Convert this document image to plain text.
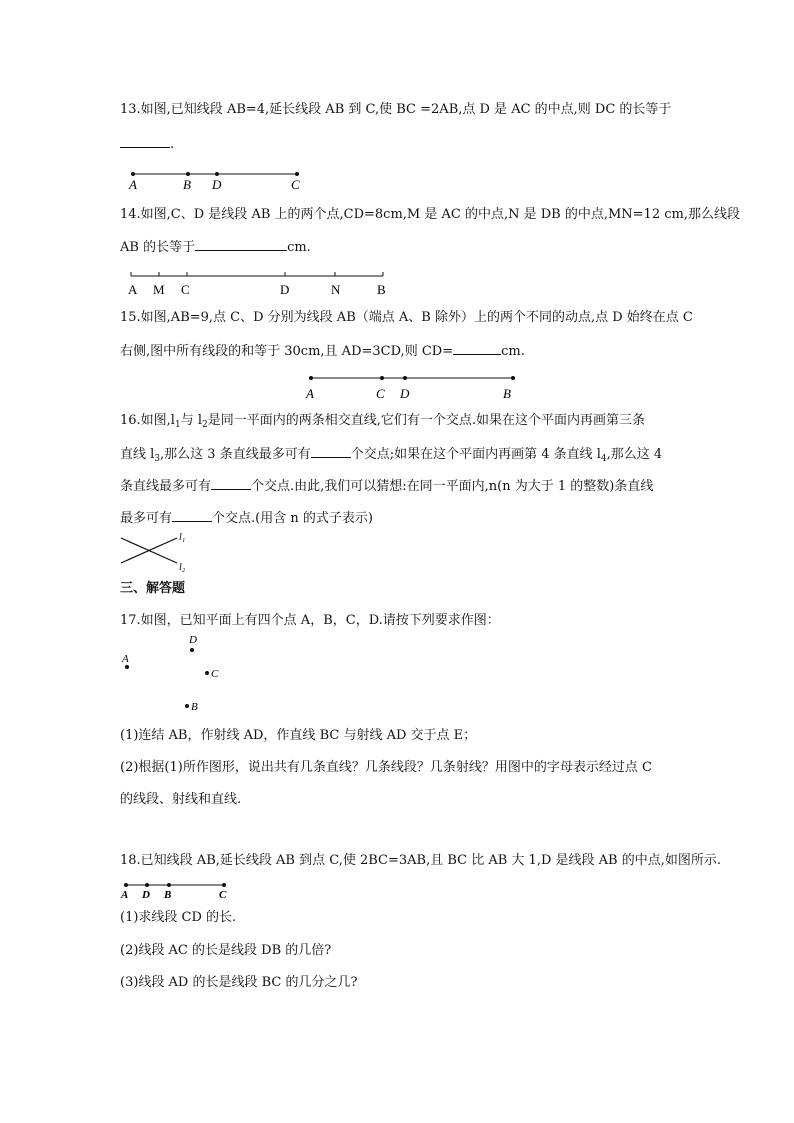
13.如图,已知线段 AB=4,延长线段 AB 到 C,使 BC =2AB,点 D 是 AC 的中点,则 DC 的长等于
.
A	B D	C
14.如图,C、D 是线段 AB 上的两个点,CD=8cm,M 是 AC 的中点,N 是 DB 的中点,MN=12 cm,那么线段
AB 的长等于	cm.
A M C	D	N	B
15.如图,AB=9,点 C、D 分别为线段 AB（端点 A、B 除外）上的两个不同的动点,点 D 始终在点 C
右侧,图中所有线段的和等于 30cm,且 AD=3CD,则 CD=	cm.
A	C D	B
16.如图$,l_1$与 $l_2$是同一平面内的两条相交直线,它们有一个交点.如果在这个平面内再画第三条
直线 $l_3$,那么这 3 条直线最多可有	个交点;如果在这个平面内再画第 4 条直线 $l_4$,那么这 4
条直线最多可有	个交点.由此,我们可以猜想:在同一平面内,n(n 为大于 1 的整数)条直线
最多可有	个交点.(用含 n 的式子表示)
l₁
l₂
三、解答题
17.如图，已知平面上有四个点 A，B，C，D.请按下列要求作图：
A
D
C
B
(1)连结 AB，作射线 AD，作直线 BC 与射线 AD 交于点 E；
(2)根据(1)所作图形，说出共有几条直线？几条线段？几条射线？用图中的字母表示经过点 C
的线段、射线和直线.
18.已知线段 AB,延长线段 AB 到点 C,使 2BC=3AB,且 BC 比 AB 大 1,D 是线段 AB 的中点,如图所示.
A D B	C
(1)求线段 CD 的长.
(2)线段 AC 的长是线段 DB 的几倍?
(3)线段 AD 的长是线段 BC 的几分之几?
